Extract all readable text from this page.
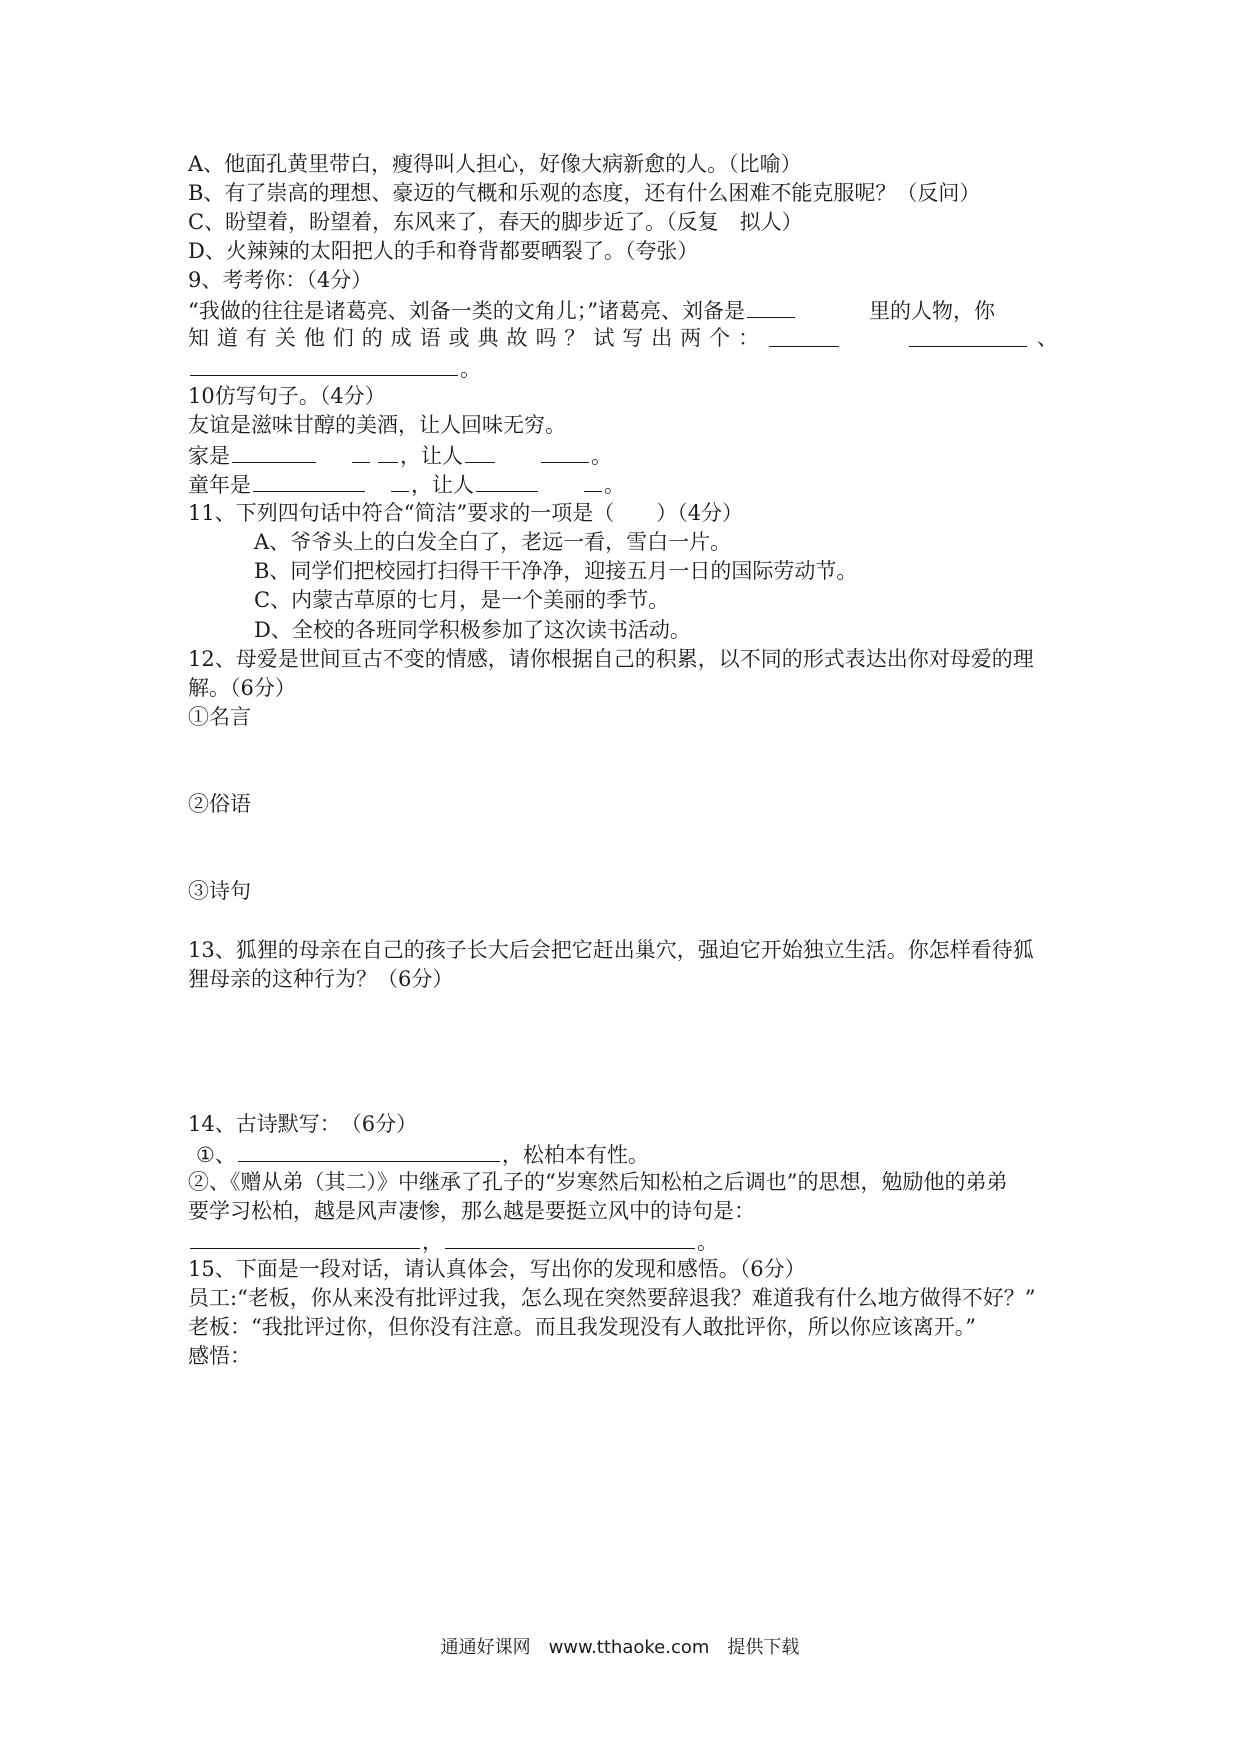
A、他面孔黄里带白，瘦得叫人担心，好像大病新愈的人。（比喻）
B、有了崇高的理想、豪迈的气概和乐观的态度，还有什么困难不能克服呢？（反问）
C、盼望着，盼望着，东风来了，春天的脚步近了。（反复　拟人）
D、火辣辣的太阳把人的手和脊背都要晒裂了。（夸张）
9、考考你：（4分）
“我做的往往是诸葛亮、刘备一类的文角儿；”诸葛亮、刘备是	里的人物，你
知 道 有 关 他 们 的 成 语 或 典 故 吗 ？ 试 写 出 两 个 ：	、
。
10仿写句子。（4分）
友谊是滋味甘醇的美酒，让人回味无穷。
家是	，让人	。
童年是	，让人	。
11、下列四句话中符合“简洁”要求的一项是（　　）（4分）
A、爷爷头上的白发全白了，老远一看，雪白一片。
B、同学们把校园打扫得干干净净，迎接五月一日的国际劳动节。
C、内蒙古草原的七月，是一个美丽的季节。
D、全校的各班同学积极参加了这次读书活动。
12、母爱是世间亘古不变的情感，请你根据自己的积累，以不同的形式表达出你对母爱的理
解。（6分）
①名言
②俗语
③诗句
13、狐狸的母亲在自己的孩子长大后会把它赶出巢穴，强迫它开始独立生活。你怎样看待狐
狸母亲的这种行为？（6分）
14、古诗默写：　（6分）
①、	，松柏本有性。
②、《赠从弟（其二）》中继承了孔子的“岁寒然后知松柏之后调也”的思想，勉励他的弟弟
要学习松柏，越是风声凄惨，那么越是要挺立风中的诗句是：
，	。
15、下面是一段对话，请认真体会，写出你的发现和感悟。（6分）
员工:“老板，你从来没有批评过我，怎么现在突然要辞退我？难道我有什么地方做得不好？”
老板：“我批评过你，但你没有注意。而且我发现没有人敢批评你，所以你应该离开。”
感悟：
通通好课网　www.tthaoke.com　提供下载
